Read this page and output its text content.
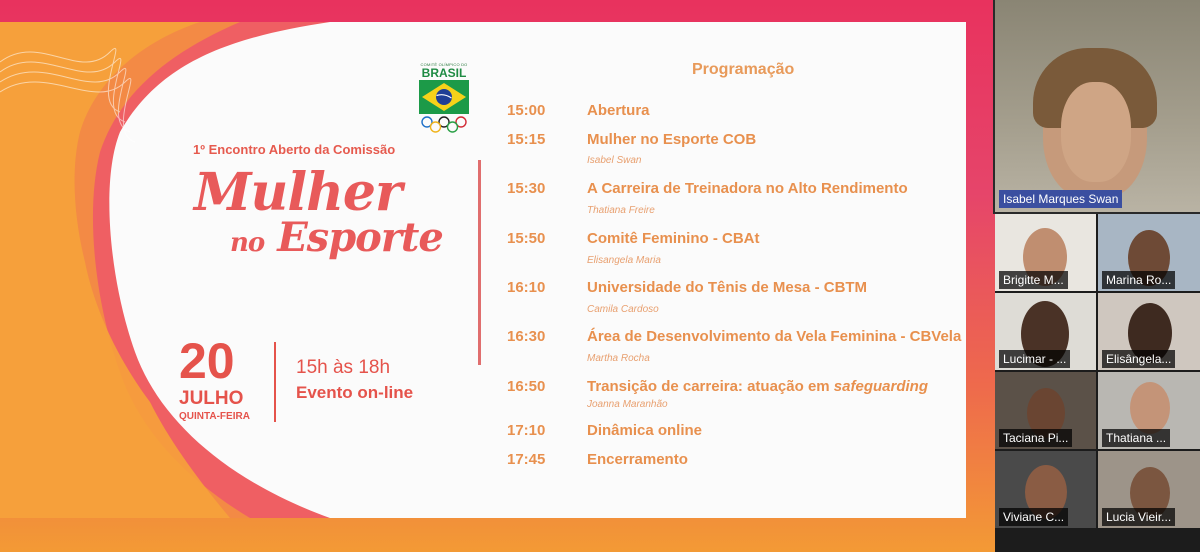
COMITÊ OLÍMPICO DO
BRASIL
1º Encontro Aberto da Comissão
Mulher
no Esporte
20
JULHO
QUINTA-FEIRA
15h às 18h
Evento on-line
Programação
15:00	Abertura
15:15	Mulher no Esporte COB
Isabel Swan
15:30	A Carreira de Treinadora no Alto Rendimento
Thatiana Freire
15:50	Comitê Feminino - CBAt
Elisangela Maria
16:10	Universidade do Tênis de Mesa - CBTM
Camila Cardoso
16:30	Área de Desenvolvimento da Vela Feminina - CBVela
Martha Rocha
16:50	Transição de carreira: atuação em safeguarding
Joanna Maranhão
17:10	Dinâmica online
17:45	Encerramento
Isabel Marques Swan
Brigitte M...	Marina Ro...
Lucimar - ...	Elisângela...
Taciana Pi...	Thatiana ...
Viviane C...	Lucia Vieir...
